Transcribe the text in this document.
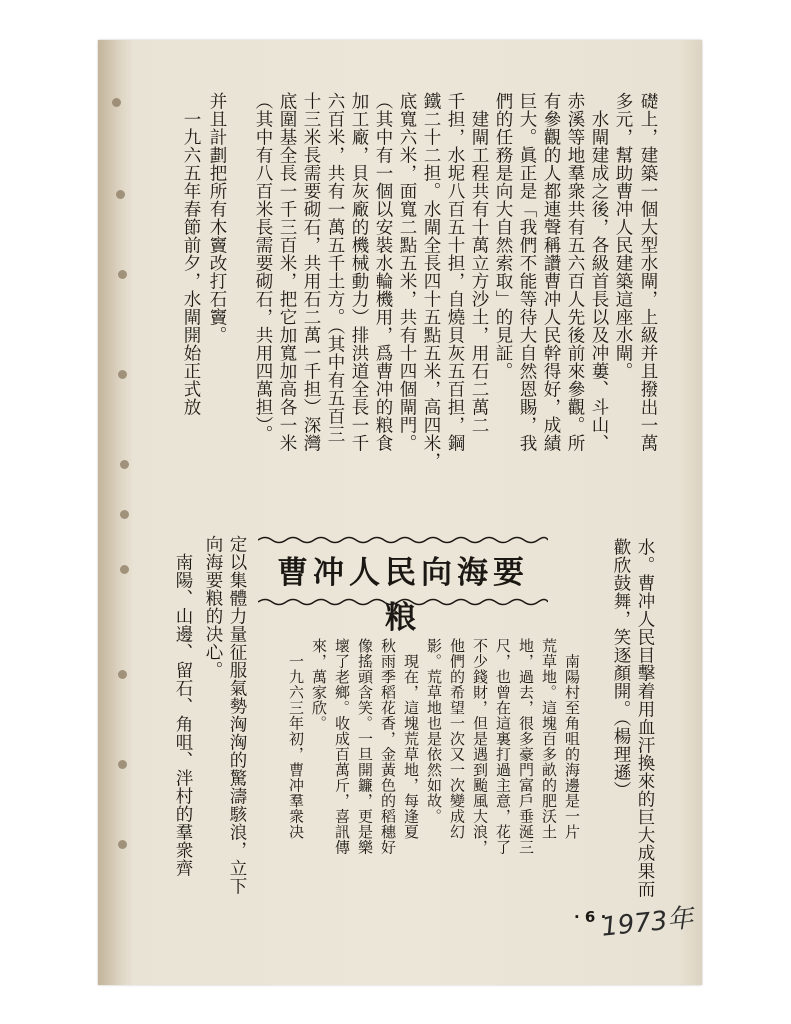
礎上，建築一個大型水閘，上級并且撥出一萬
多元，幫助曹冲人民建築這座水閘。
　水閘建成之後，各級首長以及冲蔞、斗山、
赤溪等地羣衆共有五六百人先後前來參觀。所
有參觀的人都連聲稱讚曹冲人民幹得好，成績
巨大。眞正是「我們不能等待大自然恩賜，我
們的任務是向大自然索取」的見証。
　建閘工程共有十萬立方沙土，用石二萬二
千担，水坭八百五十担，自燒貝灰五百担，鋼
鐵二十二担。水閘全長四十五點五米，高四米，
底寬六米，面寬二點五米，共有十四個閘門。
（其中有一個以安裝水輪機用，爲曹冲的粮食
加工廠，貝灰廠的機械動力）排洪道全長一千
六百米，共有一萬五千土方。（其中有五百三
十三米長需要砌石，共用石二萬一千担）深灣
底圍基全長一千三百米，把它加寬加高各一米
（其中有八百米長需要砌石，共用四萬担）。
并且計劃把所有木竇改打石竇。
　一九六五年春節前夕，水閘開始正式放
水。曹冲人民目擊着用血汗換來的巨大成果而
歡欣鼓舞，笑逐顏開。（楊理遜）
曹冲人民向海要粮
　南陽村至角咀的海邊是一片
荒草地。這塊百多畝的肥沃土
地，過去，很多豪門富戶垂涎三
尺，也曾在這裏打過主意，花了
不少錢財，但是遇到颱風大浪，
他們的希望一次又一次變成幻
影。荒草地也是依然如故。
　現在，這塊荒草地，每逢夏
秋雨季稻花香，金黃色的稻穗好
像搖頭含笑。一旦開鐮，更是樂
壞了老鄉。收成百萬斤，喜訊傳
來，萬家欣。
　一九六三年初，曹冲羣衆决
定以集體力量征服氣勢洶洶的驚濤駭浪，立下
向海要粮的决心。
　南陽、山邊、留石、角咀、泮村的羣衆齊
· 6 ·
1973年
